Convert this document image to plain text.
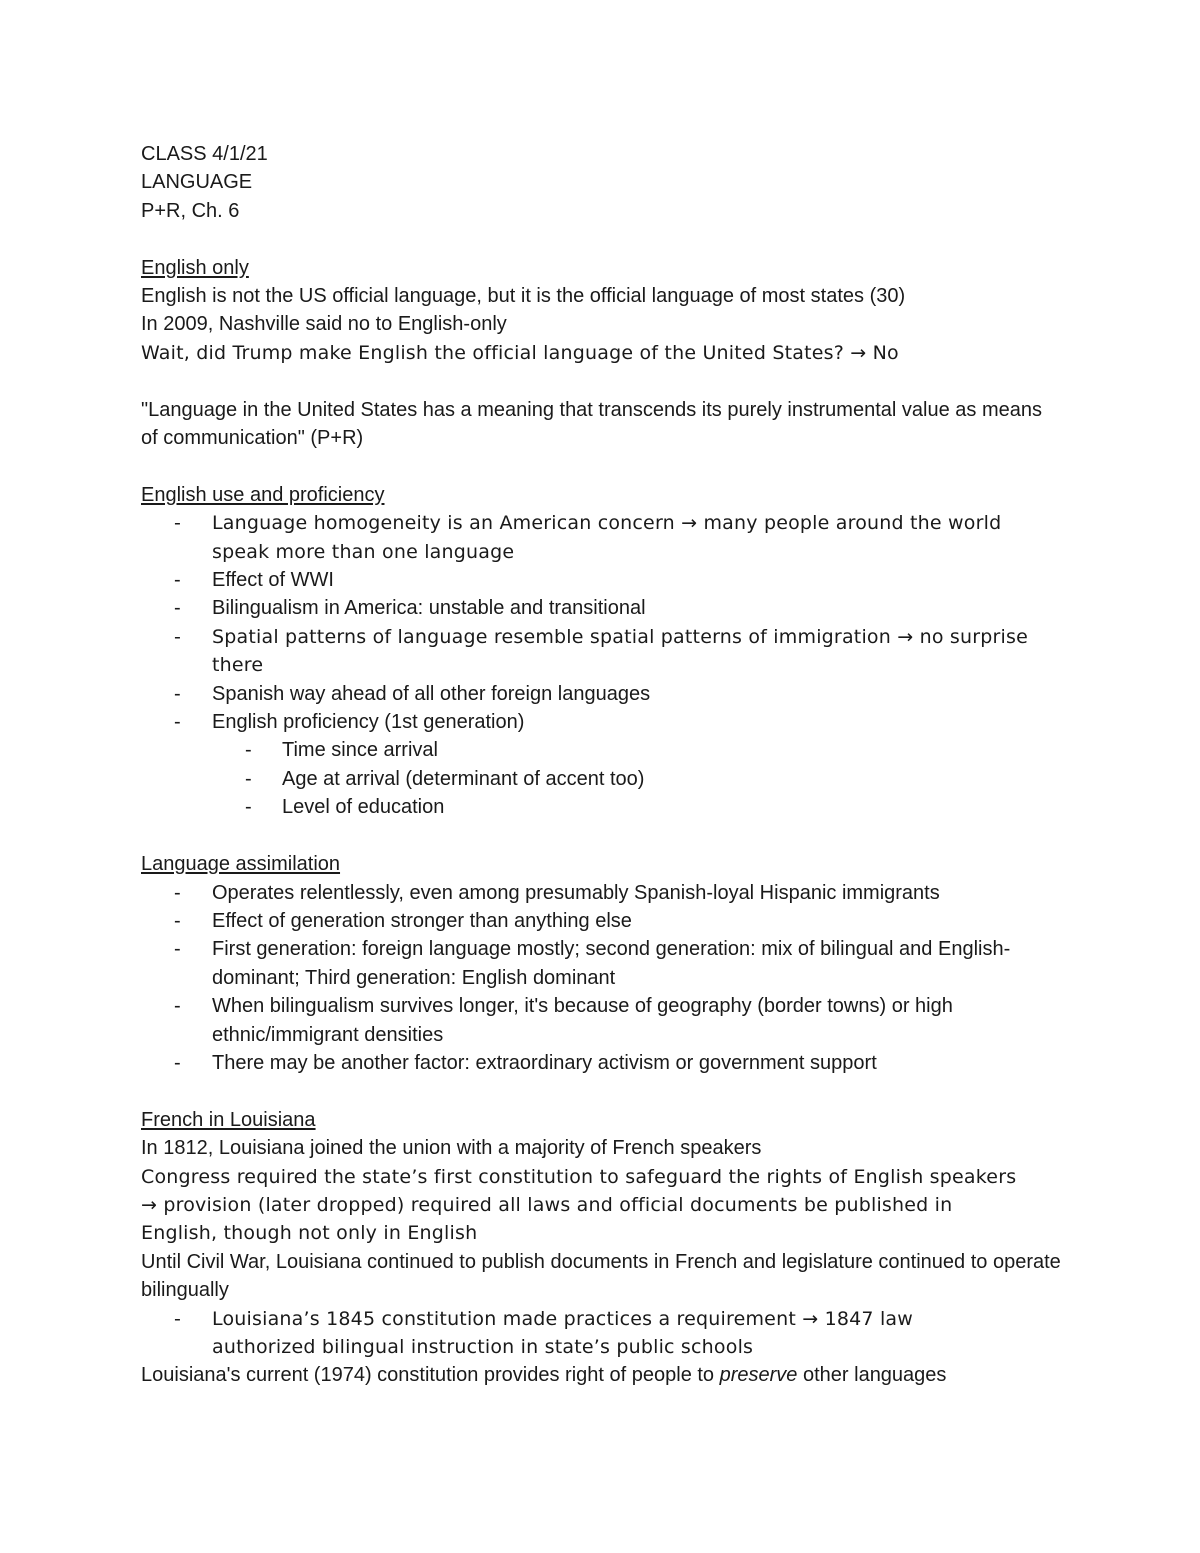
CLASS 4/1/21
LANGUAGE
P+R, Ch. 6
English only
English is not the US official language, but it is the official language of most states (30)
In 2009, Nashville said no to English-only
Wait, did Trump make English the official language of the United States? → No
"Language in the United States has a meaning that transcends its purely instrumental value as means of communication" (P+R)
English use and proficiency
- Language homogeneity is an American concern → many people around the world speak more than one language
- Effect of WWI
- Bilingualism in America: unstable and transitional
- Spatial patterns of language resemble spatial patterns of immigration → no surprise there
- Spanish way ahead of all other foreign languages
- English proficiency (1st generation)
- Time since arrival
- Age at arrival (determinant of accent too)
- Level of education
Language assimilation
- Operates relentlessly, even among presumably Spanish-loyal Hispanic immigrants
- Effect of generation stronger than anything else
- First generation: foreign language mostly; second generation: mix of bilingual and English-dominant; Third generation: English dominant
- When bilingualism survives longer, it's because of geography (border towns) or high ethnic/immigrant densities
- There may be another factor: extraordinary activism or government support
French in Louisiana
In 1812, Louisiana joined the union with a majority of French speakers
Congress required the state’s first constitution to safeguard the rights of English speakers → provision (later dropped) required all laws and official documents be published in English, though not only in English
Until Civil War, Louisiana continued to publish documents in French and legislature continued to operate bilingually
- Louisiana’s 1845 constitution made practices a requirement → 1847 law authorized bilingual instruction in state’s public schools
Louisiana's current (1974) constitution provides right of people to preserve other languages
